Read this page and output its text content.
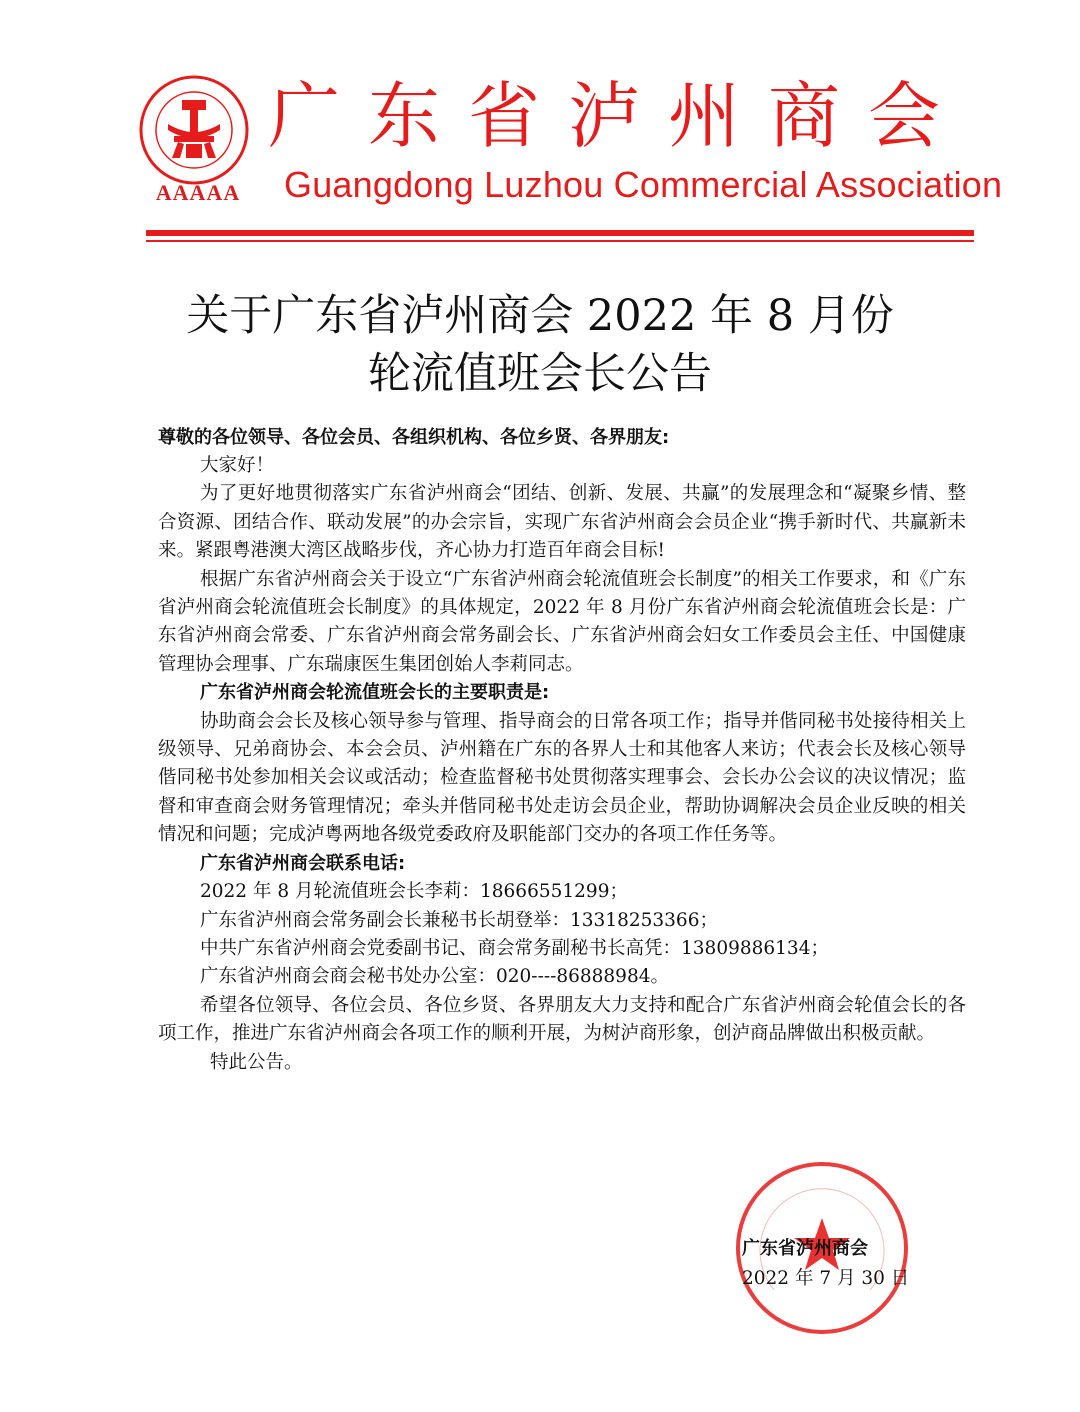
AAAAA
广东省泸州商会
Guangdong Luzhou Commercial Association
关于广东省泸州商会 2022 年 8 月份
轮流值班会长公告
尊敬的各位领导、各位会员、各组织机构、各位乡贤、各界朋友:

大家好！

为了更好地贯彻落实广东省泸州商会“团结、创新、发展、共赢”的发展理念和“凝聚乡情、整合资源、团结合作、联动发展”的办会宗旨，实现广东省泸州商会会员企业“携手新时代、共赢新未来。紧跟粤港澳大湾区战略步伐，齐心协力打造百年商会目标!

根据广东省泸州商会关于设立“广东省泸州商会轮流值班会长制度”的相关工作要求，和《广东省泸州商会轮流值班会长制度》的具体规定，2022 年 8 月份广东省泸州商会轮流值班会长是：广东省泸州商会常委、广东省泸州商会常务副会长、广东省泸州商会妇女工作委员会主任、中国健康管理协会理事、广东瑞康医生集团创始人李莉同志。

广东省泸州商会轮流值班会长的主要职责是:

协助商会会长及核心领导参与管理、指导商会的日常各项工作；指导并偕同秘书处接待相关上级领导、兄弟商协会、本会会员、泸州籍在广东的各界人士和其他客人来访；代表会长及核心领导偕同秘书处参加相关会议或活动；检查监督秘书处贯彻落实理事会、会长办公会议的决议情况；监督和审查商会财务管理情况；牵头并偕同秘书处走访会员企业，帮助协调解决会员企业反映的相关情况和问题；完成泸粤两地各级党委政府及职能部门交办的各项工作任务等。

广东省泸州商会联系电话:

2022 年 8 月轮流值班会长李莉：18666551299；

广东省泸州商会常务副会长兼秘书长胡登举：13318253366；

中共广东省泸州商会党委副书记、商会常务副秘书长高凭：13809886134；

广东省泸州商会商会秘书处办公室：020----86888984。

希望各位领导、各位会员、各位乡贤、各界朋友大力支持和配合广东省泸州商会轮值会长的各项工作，推进广东省泸州商会各项工作的顺利开展，为树泸商形象，创泸商品牌做出积极贡献。

特此公告。

广东省泸州商会
2022 年 7 月 30 日
